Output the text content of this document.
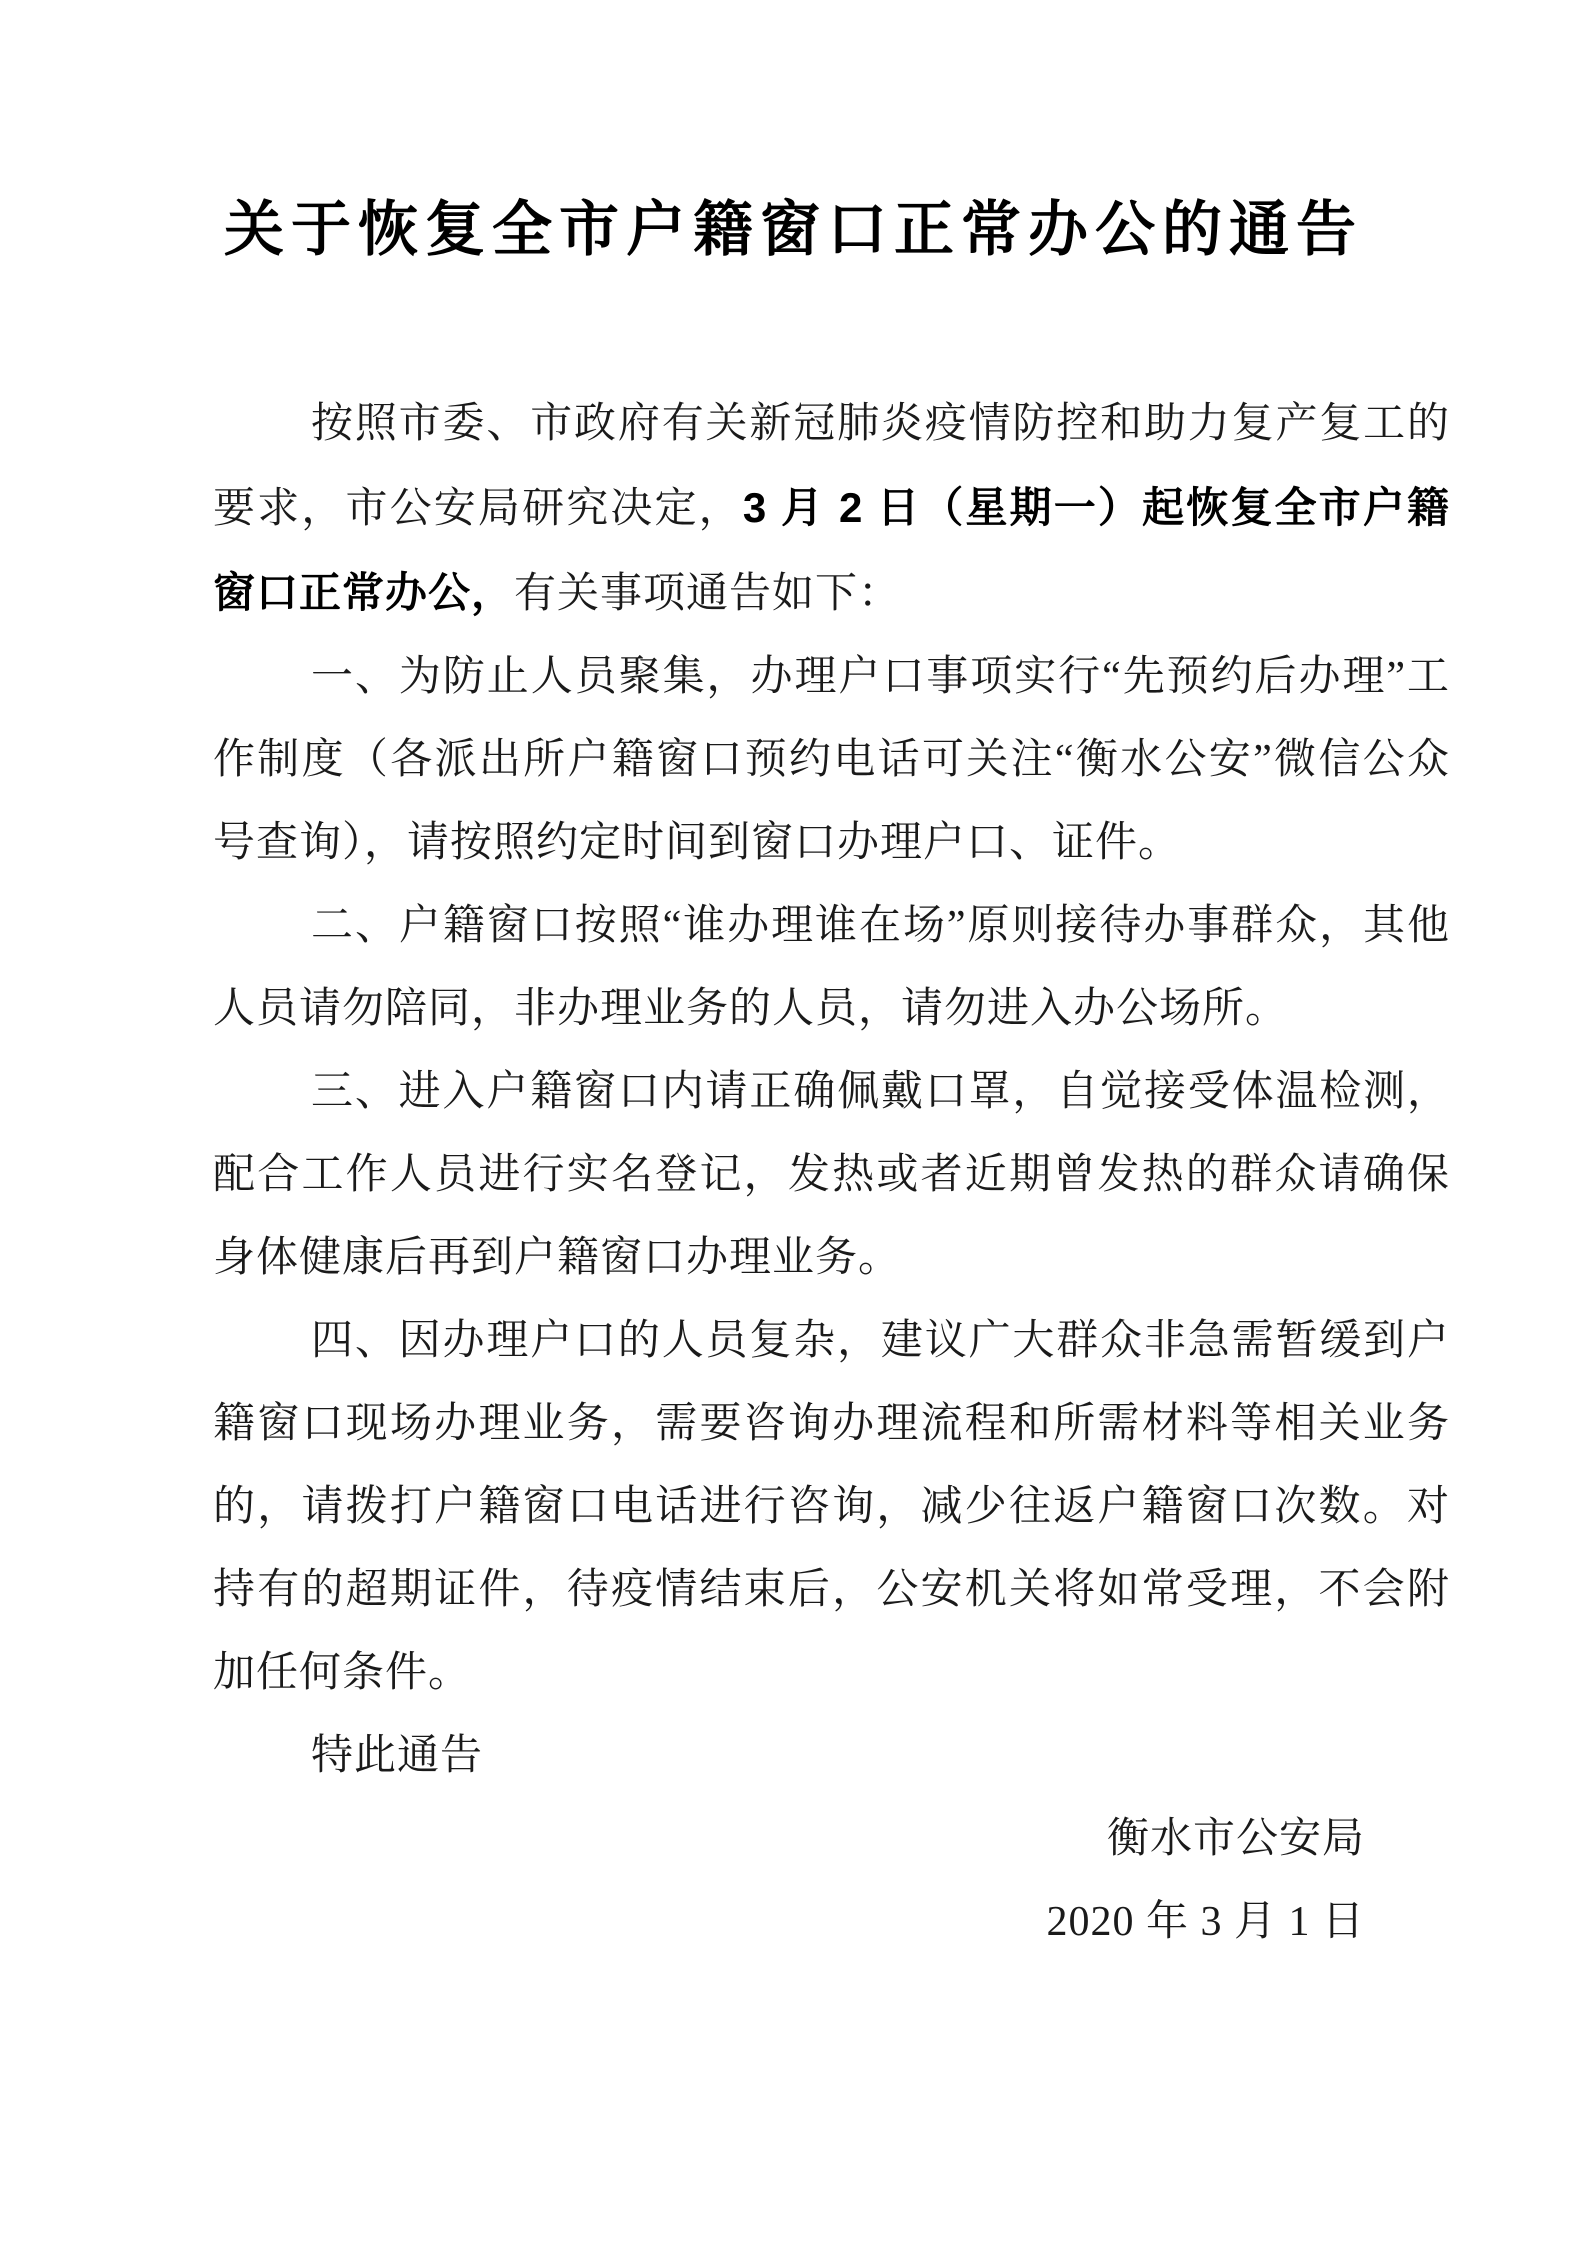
关于恢复全市户籍窗口正常办公的通告

按照市委、市政府有关新冠肺炎疫情防控和助力复产复工的要求，市公安局研究决定，3 月 2 日（星期一）起恢复全市户籍窗口正常办公，有关事项通告如下：

一、为防止人员聚集，办理户口事项实行“先预约后办理”工作制度（各派出所户籍窗口预约电话可关注“衡水公安”微信公众号查询），请按照约定时间到窗口办理户口、证件。

二、户籍窗口按照“谁办理谁在场”原则接待办事群众，其他人员请勿陪同，非办理业务的人员，请勿进入办公场所。

三、进入户籍窗口内请正确佩戴口罩，自觉接受体温检测，配合工作人员进行实名登记，发热或者近期曾发热的群众请确保身体健康后再到户籍窗口办理业务。

四、因办理户口的人员复杂，建议广大群众非急需暂缓到户籍窗口现场办理业务，需要咨询办理流程和所需材料等相关业务的，请拨打户籍窗口电话进行咨询，减少往返户籍窗口次数。对持有的超期证件，待疫情结束后，公安机关将如常受理，不会附加任何条件。

特此通告

衡水市公安局

2020 年 3 月 1 日
